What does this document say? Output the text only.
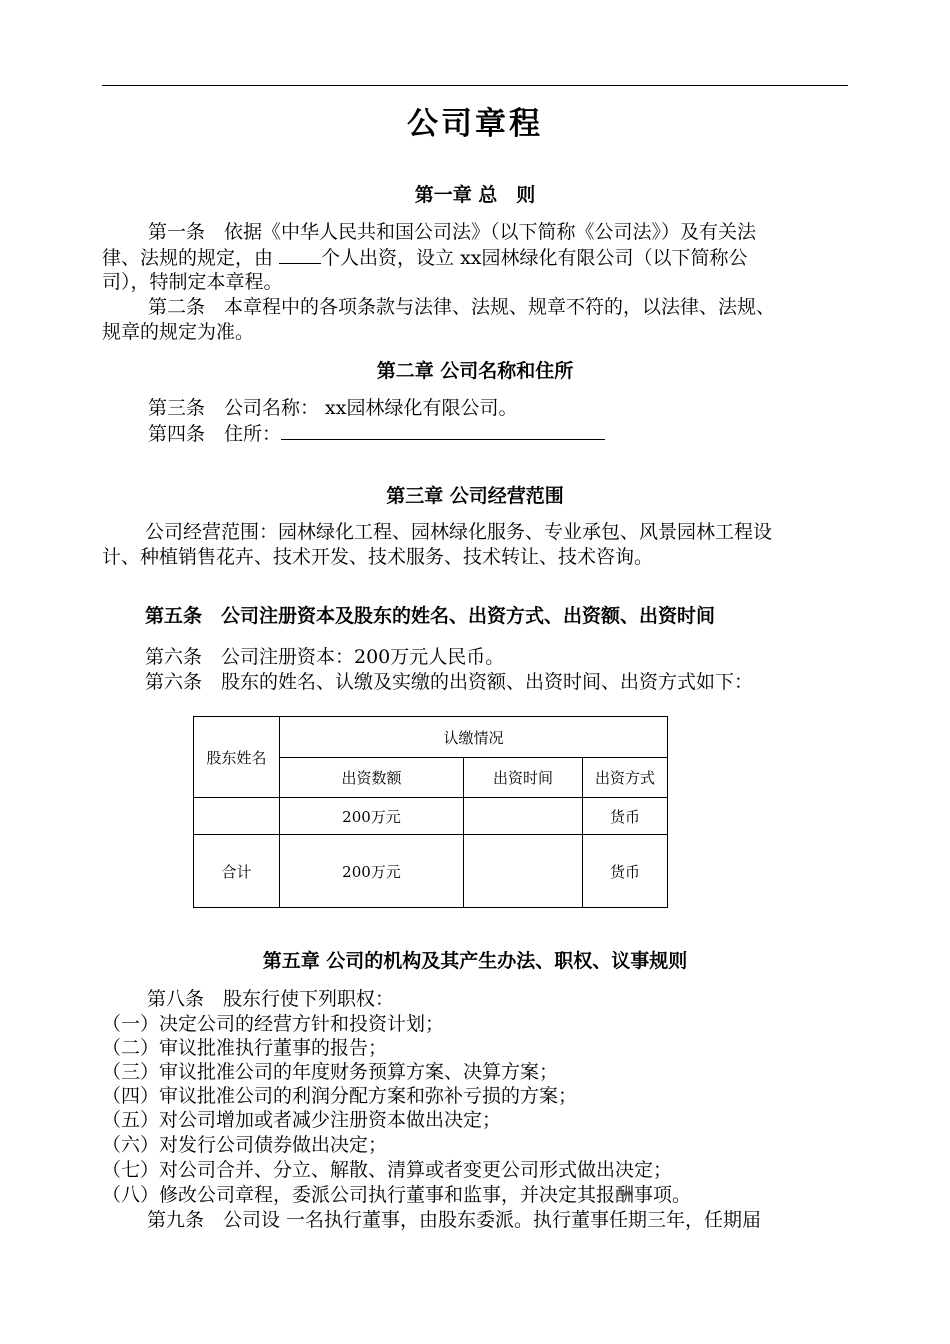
公司章程
第一章 总　则
第一条　依据《中华人民共和国公司法》（以下简称《公司法》）及有关法
律、法规的规定，由 个人出资，设立 xx园林绿化有限公司（以下简称公
司），特制定本章程。
第二条　本章程中的各项条款与法律、法规、规章不符的，以法律、法规、
规章的规定为准。
第二章 公司名称和住所
第三条　公司名称： xx园林绿化有限公司。
第四条　住所：
第三章 公司经营范围
公司经营范围：园林绿化工程、园林绿化服务、专业承包、风景园林工程设
计、种植销售花卉、技术开发、技术服务、技术转让、技术咨询。
第五条　公司注册资本及股东的姓名、出资方式、出资额、出资时间
第六条　公司注册资本：200万元人民币。
第六条　股东的姓名、认缴及实缴的出资额、出资时间、出资方式如下：
股东姓名	认缴情况		
	出资数额	出资时间	出资方式
	200万元		货币
合计	200万元		货币
第五章 公司的机构及其产生办法、职权、议事规则
第八条　股东行使下列职权：
（一）决定公司的经营方针和投资计划；
（二）审议批准执行董事的报告；
（三）审议批准公司的年度财务预算方案、决算方案；
（四）审议批准公司的利润分配方案和弥补亏损的方案；
（五）对公司增加或者减少注册资本做出决定；
（六）对发行公司债券做出决定；
（七）对公司合并、分立、解散、清算或者变更公司形式做出决定；
（八）修改公司章程，委派公司执行董事和监事，并决定其报酬事项。
第九条　公司设 一名执行董事，由股东委派。执行董事任期三年，任期届
